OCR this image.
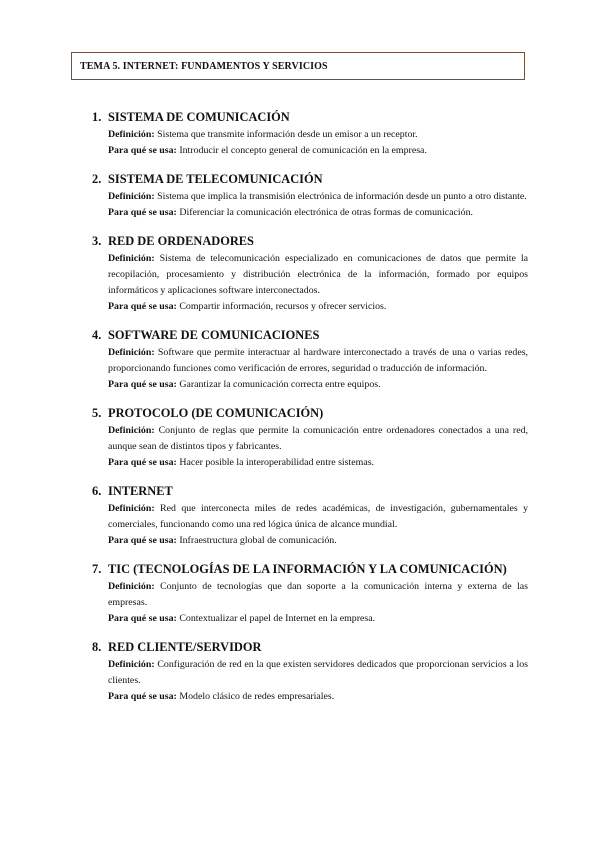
TEMA 5. INTERNET: FUNDAMENTOS Y SERVICIOS
1. SISTEMA DE COMUNICACIÓN

Definición: Sistema que transmite información desde un emisor a un receptor.

Para qué se usa: Introducir el concepto general de comunicación en la empresa.

2. SISTEMA DE TELECOMUNICACIÓN

Definición: Sistema que implica la transmisión electrónica de información desde un punto a otro distante.

Para qué se usa: Diferenciar la comunicación electrónica de otras formas de comunicación.

3. RED DE ORDENADORES

Definición: Sistema de telecomunicación especializado en comunicaciones de datos que permite la recopilación, procesamiento y distribución electrónica de la información, formado por equipos informáticos y aplicaciones software interconectados.

Para qué se usa: Compartir información, recursos y ofrecer servicios.

4. SOFTWARE DE COMUNICACIONES

Definición: Software que permite interactuar al hardware interconectado a través de una o varias redes, proporcionando funciones como verificación de errores, seguridad o traducción de información.

Para qué se usa: Garantizar la comunicación correcta entre equipos.

5. PROTOCOLO (DE COMUNICACIÓN)

Definición: Conjunto de reglas que permite la comunicación entre ordenadores conectados a una red, aunque sean de distintos tipos y fabricantes.

Para qué se usa: Hacer posible la interoperabilidad entre sistemas.

6. INTERNET

Definición: Red que interconecta miles de redes académicas, de investigación, gubernamentales y comerciales, funcionando como una red lógica única de alcance mundial.

Para qué se usa: Infraestructura global de comunicación.

7. TIC (TECNOLOGÍAS DE LA INFORMACIÓN Y LA COMUNICACIÓN)

Definición: Conjunto de tecnologías que dan soporte a la comunicación interna y externa de las empresas.

Para qué se usa: Contextualizar el papel de Internet en la empresa.

8. RED CLIENTE/SERVIDOR

Definición: Configuración de red en la que existen servidores dedicados que proporcionan servicios a los clientes.

Para qué se usa: Modelo clásico de redes empresariales.
